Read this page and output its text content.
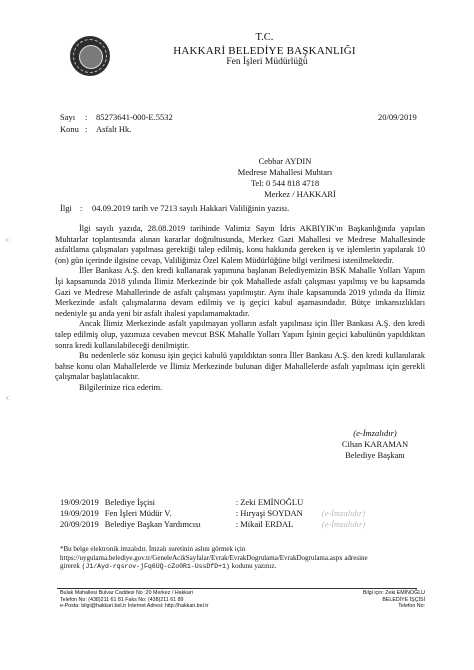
T.C.
HAKKARİ BELEDİYE BAŞKANLIĞI
Fen İşleri Müdürlüğü
Sayı : 85273641-000-E.5532	20/09/2019
Konu : Asfalt Hk.
Cebbar AYDIN
Medrese Mahallesi Muhtarı
Tel: 0 544 818 4718
Merkez / HAKKARİ
İlgi : 04.09.2019 tarih ve 7213 sayılı Hakkari Valiliğinin yazısı.

İlgi sayılı yazıda, 28.08.2019 tarihinde Valimiz Sayın İdris AKBIYIK'ın Başkanlığında yapılan Muhtarlar toplantısında alınan kararlar doğrultusunda, Merkez Gazi Mahallesi ve Medrese Mahallesinde asfaltlama çalışmaları yapılması gerektiği talep edilmiş, konu hakkında gereken iş ve işlemlerin yapılarak 10 (on) gün içerinde ilgisine cevap, Valiliğimiz Özel Kalem Müdürlüğüne bilgi verilmesi istenilmektedir.

İller Bankası A.Ş. den kredi kullanarak yapımına başlanan Belediyemizin BSK Mahalle Yolları Yapım İşi kapsamında 2018 yılında İlimiz Merkezinde bir çok Mahallede asfalt çalışması yapılmış ve bu kapsamda Gazi ve Medrese Mahallerinde de asfalt çalışması yapılmıştır. Aynı ihale kapsamında 2019 yılında da İlimiz Merkezinde asfalt çalışmalarına devam edilmiş ve iş geçici kabul aşamasındadır. Bütçe imkansızlıkları nedeniyle şu anda yeni bir asfalt ihalesi yapılamamaktadır.

Ancak İlimiz Merkezinde asfalt yapılmayan yolların asfalt yapılması için İller Bankası A.Ş. den kredi talep edilmiş olup, yazımıza cevaben mevcut BSK Mahalle Yolları Yapım İşinin geçici kabulünün yapıldıktan sonra kredi kullanılabileceği denilmiştir.

Bu nedenlerle söz konusu işin geçici kabulü yapıldıktan sonra İller Bankası A.Ş. den kredi kullanılarak bahse konu olan Mahallelerde ve İlimiz Merkezinde bulunan diğer Mahallelerde asfalt yapılması için gerekli çalışmalar başlatılacaktır.

Bilgilerinize rica ederim.

(e-İmzalıdır)
Cihan KARAMAN
Belediye Başkanı
19/09/2019	Belediye İşçisi	: Zeki EMİNOĞLU	
19/09/2019	Fen İşleri Müdür V.	: Hıryaşi SOYDAN	(e-İmzalıdır)
20/09/2019	Belediye Başkan Yardımcısı	: Mikail ERDAL	(e-İmzalıdır)
*Bu belge elektronik imzalıdır. İmzalı suretinin aslını görmek için
https://uygulama.belediye.gov.tr/GeneleAcikSayfalar/Evrak/EvrakDogrulama/EvrakDogrulama.aspx adresine
girerek (J1/Ayd-rqsrov-jFq6UQ-cZo0R1-UssDfD+1) kodunu yazınız.
Bulak Mahallesi Bulvar Caddesi No :20 Merkez / Hakkari
Telefon No: (438)211 61 81 Faks No: (438)211 61 89
e-Posta: bilgi@hakkari.bel.tr İnternet Adresi: http://hakkari.bel.tr
Bilgi için: Zeki EMİNOĞLU
BELEDİYE İŞÇİSİ
Telefon No:
